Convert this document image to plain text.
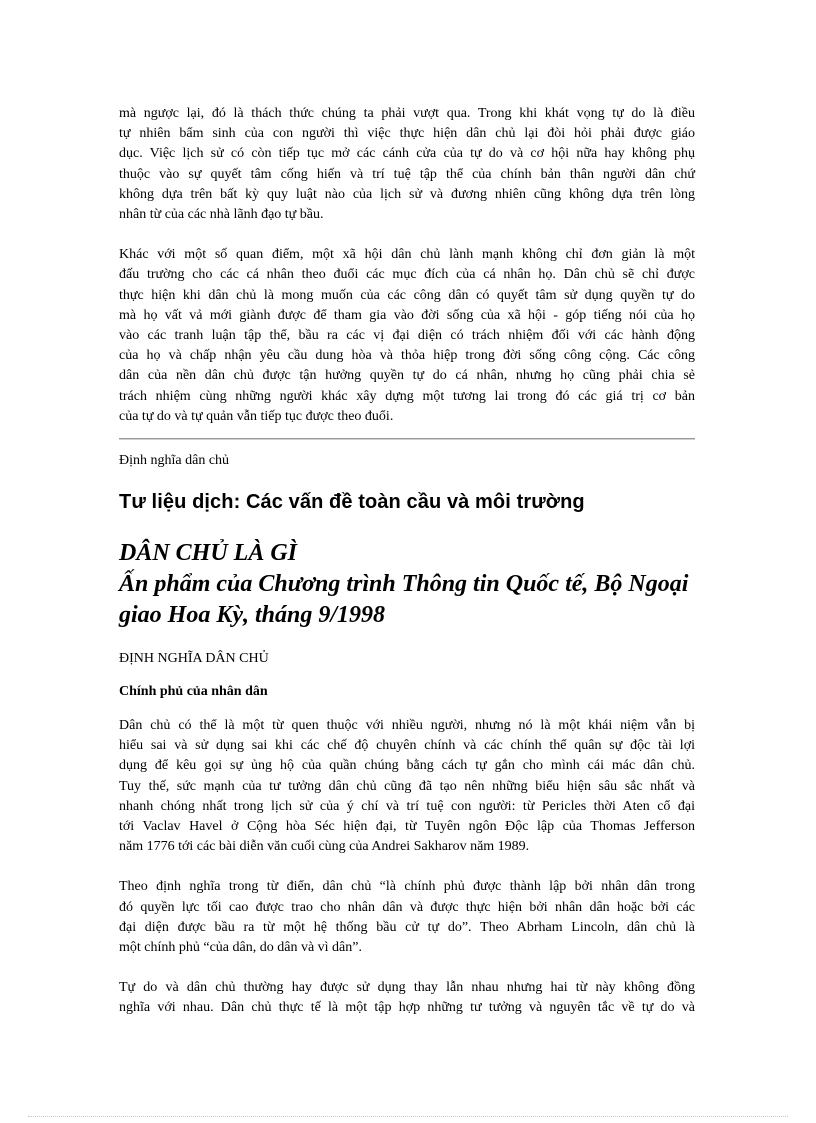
mà ngược lại, đó là thách thức chúng ta phải vượt qua. Trong khi khát vọng tự do là điều
tự nhiên bẩm sinh của con người thì việc thực hiện dân chủ lại đòi hỏi phải được giáo
dục. Việc lịch sử có còn tiếp tục mở các cánh cửa của tự do và cơ hội nữa hay không phụ
thuộc vào sự quyết tâm cống hiến và trí tuệ tập thể của chính bản thân người dân chứ
không dựa trên bất kỳ quy luật nào của lịch sử và đương nhiên cũng không dựa trên lòng
nhân từ của các nhà lãnh đạo tự bầu.

Khác với một số quan điểm, một xã hội dân chủ lành mạnh không chỉ đơn giản là một
đấu trường cho các cá nhân theo đuổi các mục đích của cá nhân họ. Dân chủ sẽ chỉ được
thực hiện khi dân chủ là mong muốn của các công dân có quyết tâm sử dụng quyền tự do
mà họ vất vả mới giành được để tham gia vào đời sống của xã hội - góp tiếng nói của họ
vào các tranh luận tập thể, bầu ra các vị đại diện có trách nhiệm đối với các hành động
của họ và chấp nhận yêu cầu dung hòa và thỏa hiệp trong đời sống công cộng. Các công
dân của nền dân chủ được tận hưởng quyền tự do cá nhân, nhưng họ cũng phải chia sẻ
trách nhiệm cùng những người khác xây dựng một tương lai trong đó các giá trị cơ bản
của tự do và tự quản vẫn tiếp tục được theo đuổi.

Định nghĩa dân chủ

Tư liệu dịch: Các vấn đề toàn cầu và môi trường

DÂN CHỦ LÀ GÌ
Ấn phẩm của Chương trình Thông tin Quốc tế, Bộ Ngoại
giao Hoa Kỳ, tháng 9/1998

ĐỊNH NGHĨA DÂN CHỦ

Chính phủ của nhân dân

Dân chủ có thể là một từ quen thuộc với nhiều người, nhưng nó là một khái niệm vẫn bị
hiểu sai và sử dụng sai khi các chế độ chuyên chính và các chính thể quân sự độc tài lợi
dụng để kêu gọi sự ủng hộ của quần chúng bằng cách tự gắn cho mình cái mác dân chủ.
Tuy thế, sức mạnh của tư tưởng dân chủ cũng đã tạo nên những biểu hiện sâu sắc nhất và
nhanh chóng nhất trong lịch sử của ý chí và trí tuệ con người: từ Pericles thời Aten cổ đại
tới Vaclav Havel ở Cộng hòa Séc hiện đại, từ Tuyên ngôn Độc lập của Thomas Jefferson
năm 1776 tới các bài diễn văn cuối cùng của Andrei Sakharov năm 1989.

Theo định nghĩa trong từ điển, dân chủ “là chính phủ được thành lập bởi nhân dân trong
đó quyền lực tối cao được trao cho nhân dân và được thực hiện bởi nhân dân hoặc bởi các
đại diện được bầu ra từ một hệ thống bầu cử tự do”. Theo Abrham Lincoln, dân chủ là
một chính phủ “của dân, do dân và vì dân”.

Tự do và dân chủ thường hay được sử dụng thay lẫn nhau nhưng hai từ này không đồng
nghĩa với nhau. Dân chủ thực tế là một tập hợp những tư tưởng và nguyên tắc về tự do và
